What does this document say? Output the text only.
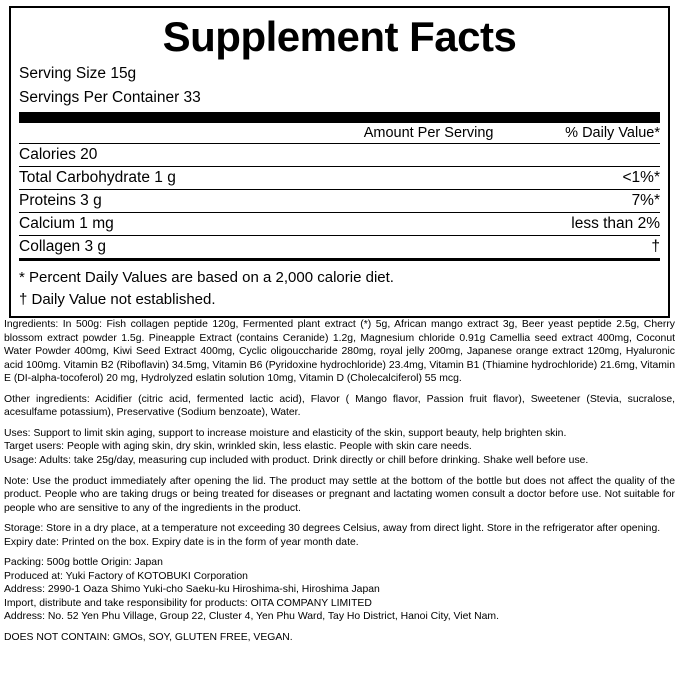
Supplement Facts
Serving Size 15g
Servings Per Container 33
	Amount Per Serving	% Daily Value*
Calories 20		
Total Carbohydrate 1 g		<1%*
Proteins 3 g		7%*
Calcium 1 mg		less than 2%
Collagen 3 g		†
* Percent Daily Values are based on a 2,000 calorie diet.
† Daily Value not established.
Ingredients: In 500g: Fish collagen peptide 120g, Fermented plant extract (*) 5g, African mango extract 3g, Beer yeast peptide 2.5g, Cherry blossom extract powder 1.5g. Pineapple Extract (contains Ceranide) 1.2g, Magnesium chloride 0.91g Camellia seed extract 400mg, Coconut Water Powder 400mg, Kiwi Seed Extract 400mg, Cyclic oligouccharide 280mg, royal jelly 200mg, Japanese orange extract 120mg, Hyaluronic acid 100mg. Vitamin B2 (Riboflavin) 34.5mg, Vitamin B6 (Pyridoxine hydrochloride) 23.4mg, Vitamin B1 (Thiamine hydrochloride) 21.6mg, Vitamin E (DI-alpha-tocoferol) 20 mg, Hydrolyzed eslatin solution 10mg, Vitamin D (Cholecalciferol) 55 mcg.
Other ingredients: Acidifier (citric acid, fermented lactic acid), Flavor ( Mango flavor, Passion fruit flavor), Sweetener (Stevia, sucralose, acesulfame potassium), Preservative (Sodium benzoate), Water.
Uses: Support to limit skin aging, support to increase moisture and elasticity of the skin, support beauty, help brighten skin.
Target users: People with aging skin, dry skin, wrinkled skin, less elastic. People with skin care needs.
Usage: Adults: take 25g/day, measuring cup included with product. Drink directly or chill before drinking. Shake well before use.
Note: Use the product immediately after opening the lid. The product may settle at the bottom of the bottle but does not affect the quality of the product. People who are taking drugs or being treated for diseases or pregnant and lactating women consult a doctor before use. Not suitable for people who are sensitive to any of the ingredients in the product.
Storage: Store in a dry place, at a temperature not exceeding 30 degrees Celsius, away from direct light. Store in the refrigerator after opening.
Expiry date: Printed on the box. Expiry date is in the form of year month date.
Packing: 500g bottle Origin: Japan
Produced at: Yuki Factory of KOTOBUKI Corporation
Address: 2990-1 Oaza Shimo Yuki-cho Saeku-ku Hiroshima-shi, Hiroshima Japan
Import, distribute and take responsibility for products: OITA COMPANY LIMITED
Address: No. 52 Yen Phu Village, Group 22, Cluster 4, Yen Phu Ward, Tay Ho District, Hanoi City, Viet Nam.
DOES NOT CONTAIN: GMOs, SOY, GLUTEN FREE, VEGAN.
